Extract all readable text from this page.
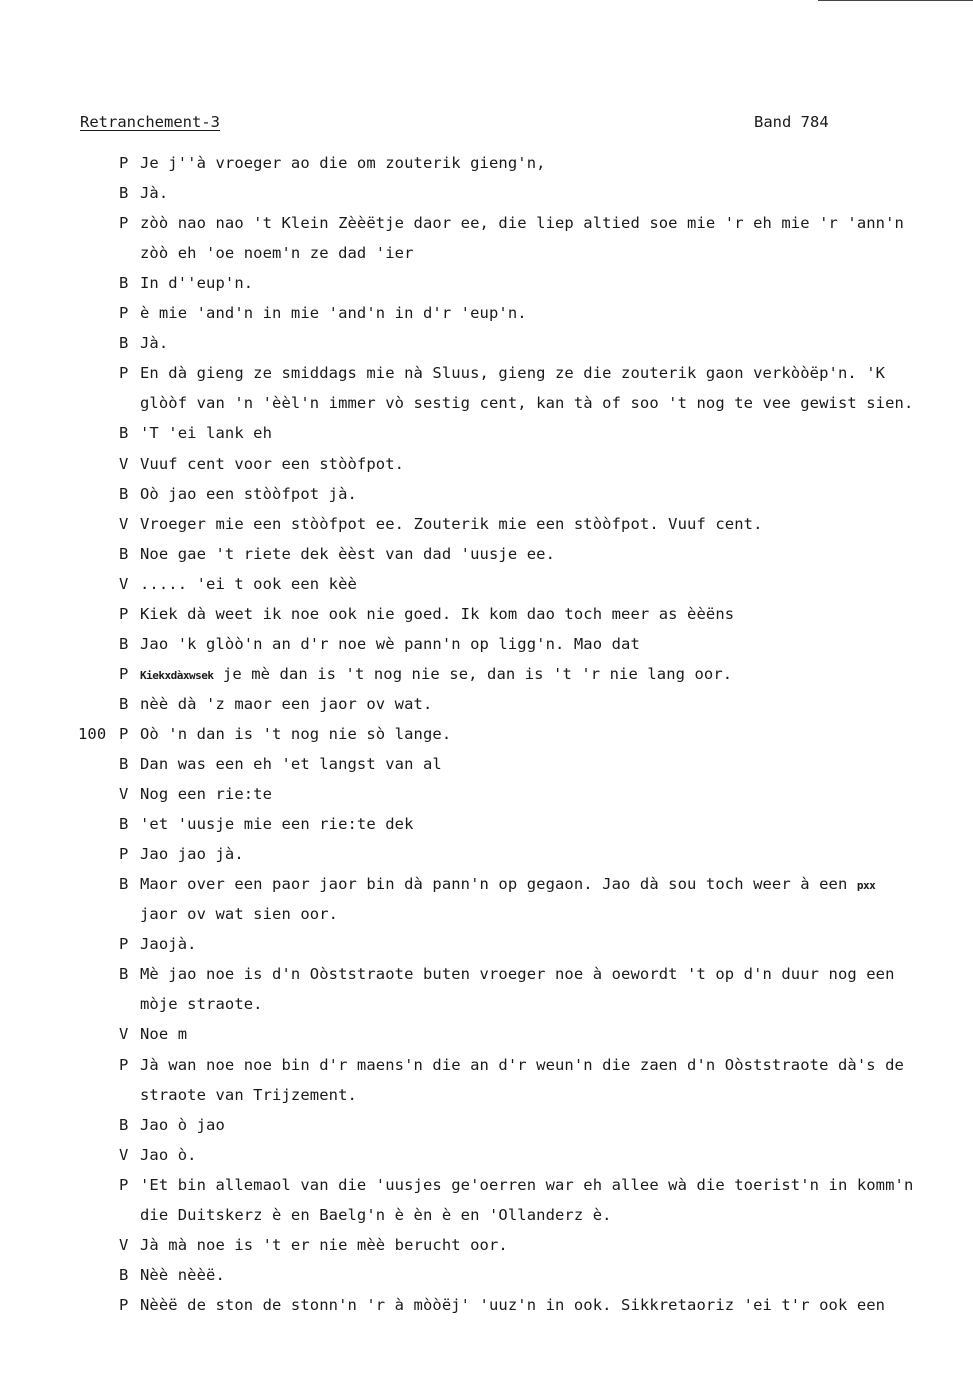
Retranchement-3	Band 784
P Je j''à vroeger ao die om zouterik gieng'n,
B Jà.
P zòò nao nao 't Klein Zèèëtje daor ee, die liep altied soe mie 'r eh mie 'r 'ann'n
zòò eh 'oe noem'n ze dad 'ier
B In d''eup'n.
P è mie 'and'n in mie 'and'n in d'r 'eup'n.
B Jà.
P En dà gieng ze smiddags mie nà Sluus, gieng ze die zouterik gaon verkòòëp'n. 'K
glòòf van 'n 'èèl'n immer vò sestig cent, kan tà of soo 't nog te vee gewist sien.
B 'T 'ei lank eh
V Vuuf cent voor een stòòfpot.
B Oò jao een stòòfpot jà.
V Vroeger mie een stòòfpot ee. Zouterik mie een stòòfpot. Vuuf cent.
B Noe gae 't riete dek èèst van dad 'uusje ee.
V ..... 'ei t ook een kèè
P Kiek dà weet ik noe ook nie goed. Ik kom dao toch meer as èèëns
B Jao 'k glòò'n an d'r noe wè pann'n op ligg'n. Mao dat
P Kiekxdàxwsek je mè dan is 't nog nie se, dan is 't 'r nie lang oor.
B nèè dà 'z maor een jaor ov wat.
100 P Oò 'n dan is 't nog nie sò lange.
B Dan was een eh 'et langst van al
V Nog een rie:te
B 'et 'uusje mie een rie:te dek
P Jao jao jà.
B Maor over een paor jaor bin dà pann'n op gegaon. Jao dà sou toch weer à een pxx
jaor ov wat sien oor.
P Jaojà.
B Mè jao noe is d'n Oòststraote buten vroeger noe à oewordt 't op d'n duur nog een
mòje straote.
V Noe m
P Jà wan noe noe bin d'r maens'n die an d'r weun'n die zaen d'n Oòststraote dà's de
straote van Trijzement.
B Jao ò jao
V Jao ò.
P 'Et bin allemaol van die 'uusjes ge'oerren war eh allee wà die toerist'n in komm'n
die Duitskerz è en Baelg'n è èn è en 'Ollanderz è.
V Jà mà noe is 't er nie mèè berucht oor.
B Nèè nèèë.
P Nèèë de ston de stonn'n 'r à mòòëj' 'uuz'n in ook. Sikkretaoriz 'ei t'r ook een
